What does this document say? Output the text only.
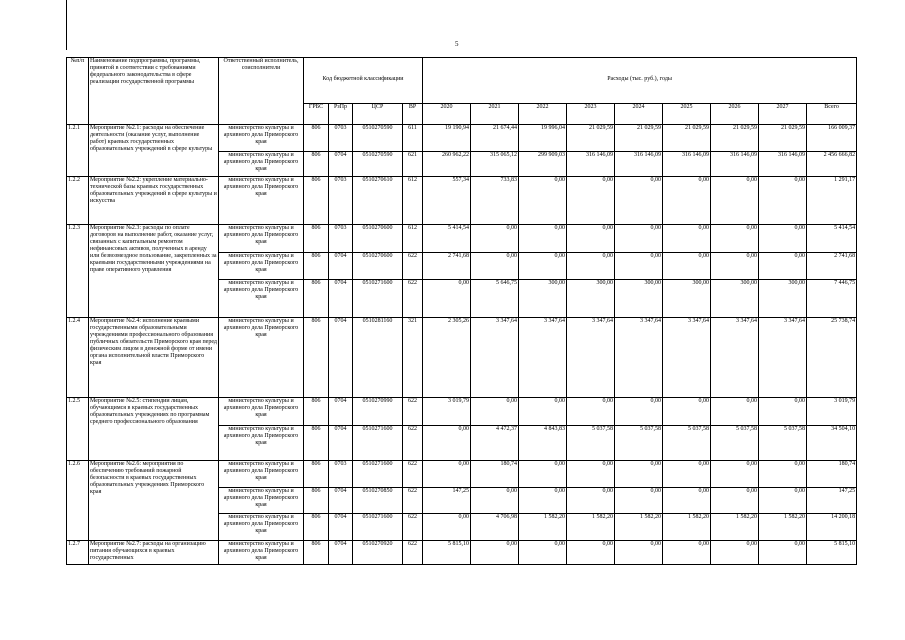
5
№п/п	Наименование подпрограммы, программы, принятой в соответствии с требованиями федерального законодательства в сфере реализации государственной программы	Ответственный исполнитель, соисполнители	Код бюджетной классификации				Расходы (тыс. руб.), годы								
			ГРБС	РзПр	ЦСР	ВР	2020	2021	2022	2023	2024	2025	2026	2027	Всего
1.2.1	Мероприятие №2.1: расходы на обеспечение деятельности (оказание услуг, выполнение работ) краевых государственных образовательных учреждений в сфере культуры	министерство культуры и архивного дела Приморского края	806	0703	0510270590	611	19 190,94	21 674,44	19 996,04	21 029,59	21 029,59	21 029,59	21 029,59	21 029,59	166 009,37
		министерство культуры и архивного дела Приморского края	806	0704	0510270590	621	260 962,22	315 065,12	299 909,03	316 146,09	316 146,09	316 146,09	316 146,09	316 146,09	2 456 666,82
1.2.2	Мероприятие №2.2: укрепление материально-технической базы краевых государственных образовательных учреждений в сфере культуры и искусства	министерство культуры и архивного дела Приморского края	806	0703	0510270610	612	557,34	733,83	0,00	0,00	0,00	0,00	0,00	0,00	1 291,17
1.2.3	Мероприятие №2.3: расходы по оплате договоров на выполнение работ, оказание услуг, связанных с капитальным ремонтом нефинансовых активов, полученных в аренду или безвозмездное пользование, закрепленных за краевыми государственными учреждениями на праве оперативного управления	министерство культуры и архивного дела Приморского края	806	0703	0510270600	612	5 414,54	0,00	0,00	0,00	0,00	0,00	0,00	0,00	5 414,54
		министерство культуры и архивного дела Приморского края	806	0704	0510270600	622	2 741,68	0,00	0,00	0,00	0,00	0,00	0,00	0,00	2 741,68
		министерство культуры и архивного дела Приморского края	806	0704	0510271600	622	0,00	5 646,75	300,00	300,00	300,00	300,00	300,00	300,00	7 446,75
1.2.4	Мероприятие №2.4: исполнение краевыми государственными образовательными учреждениями профессионального образования публичных обязательств Приморского края перед физическим лицом в денежной форме от имени органа исполнительной власти Приморского края	министерство культуры и архивного дела Приморского края	806	0704	0510281160	321	2 305,26	3 347,64	3 347,64	3 347,64	3 347,64	3 347,64	3 347,64	3 347,64	25 738,74
1.2.5	Мероприятие №2.5: стипендии лицам, обучающимся в краевых государственных образовательных учреждениях по программам среднего профессионального образования	министерство культуры и архивного дела Приморского края	806	0704	0510270990	622	3 019,79	0,00	0,00	0,00	0,00	0,00	0,00	0,00	3 019,79
		министерство культуры и архивного дела Приморского края	806	0704	0510271600	622	0,00	4 472,37	4 843,83	5 037,58	5 037,58	5 037,58	5 037,58	5 037,58	34 504,10
1.2.6	Мероприятие №2.6: мероприятия по обеспечению требований пожарной безопасности в краевых государственных образовательных учреждениях Приморского края	министерство культуры и архивного дела Приморского края	806	0703	0510271600	622	0,00	180,74	0,00	0,00	0,00	0,00	0,00	0,00	180,74
		министерство культуры и архивного дела Приморского края	806	0704	0510270850	622	147,25	0,00	0,00	0,00	0,00	0,00	0,00	0,00	147,25
		министерство культуры и архивного дела Приморского края	806	0704	0510271600	622	0,00	4 706,98	1 582,20	1 582,20	1 582,20	1 582,20	1 582,20	1 582,20	14 200,18
1.2.7	Мероприятие №2.7: расходы на организацию питания обучающихся в краевых государственных	министерство культуры и архивного дела Приморского края	806	0704	0510270920	622	5 815,10	0,00	0,00	0,00	0,00	0,00	0,00	0,00	5 815,10
